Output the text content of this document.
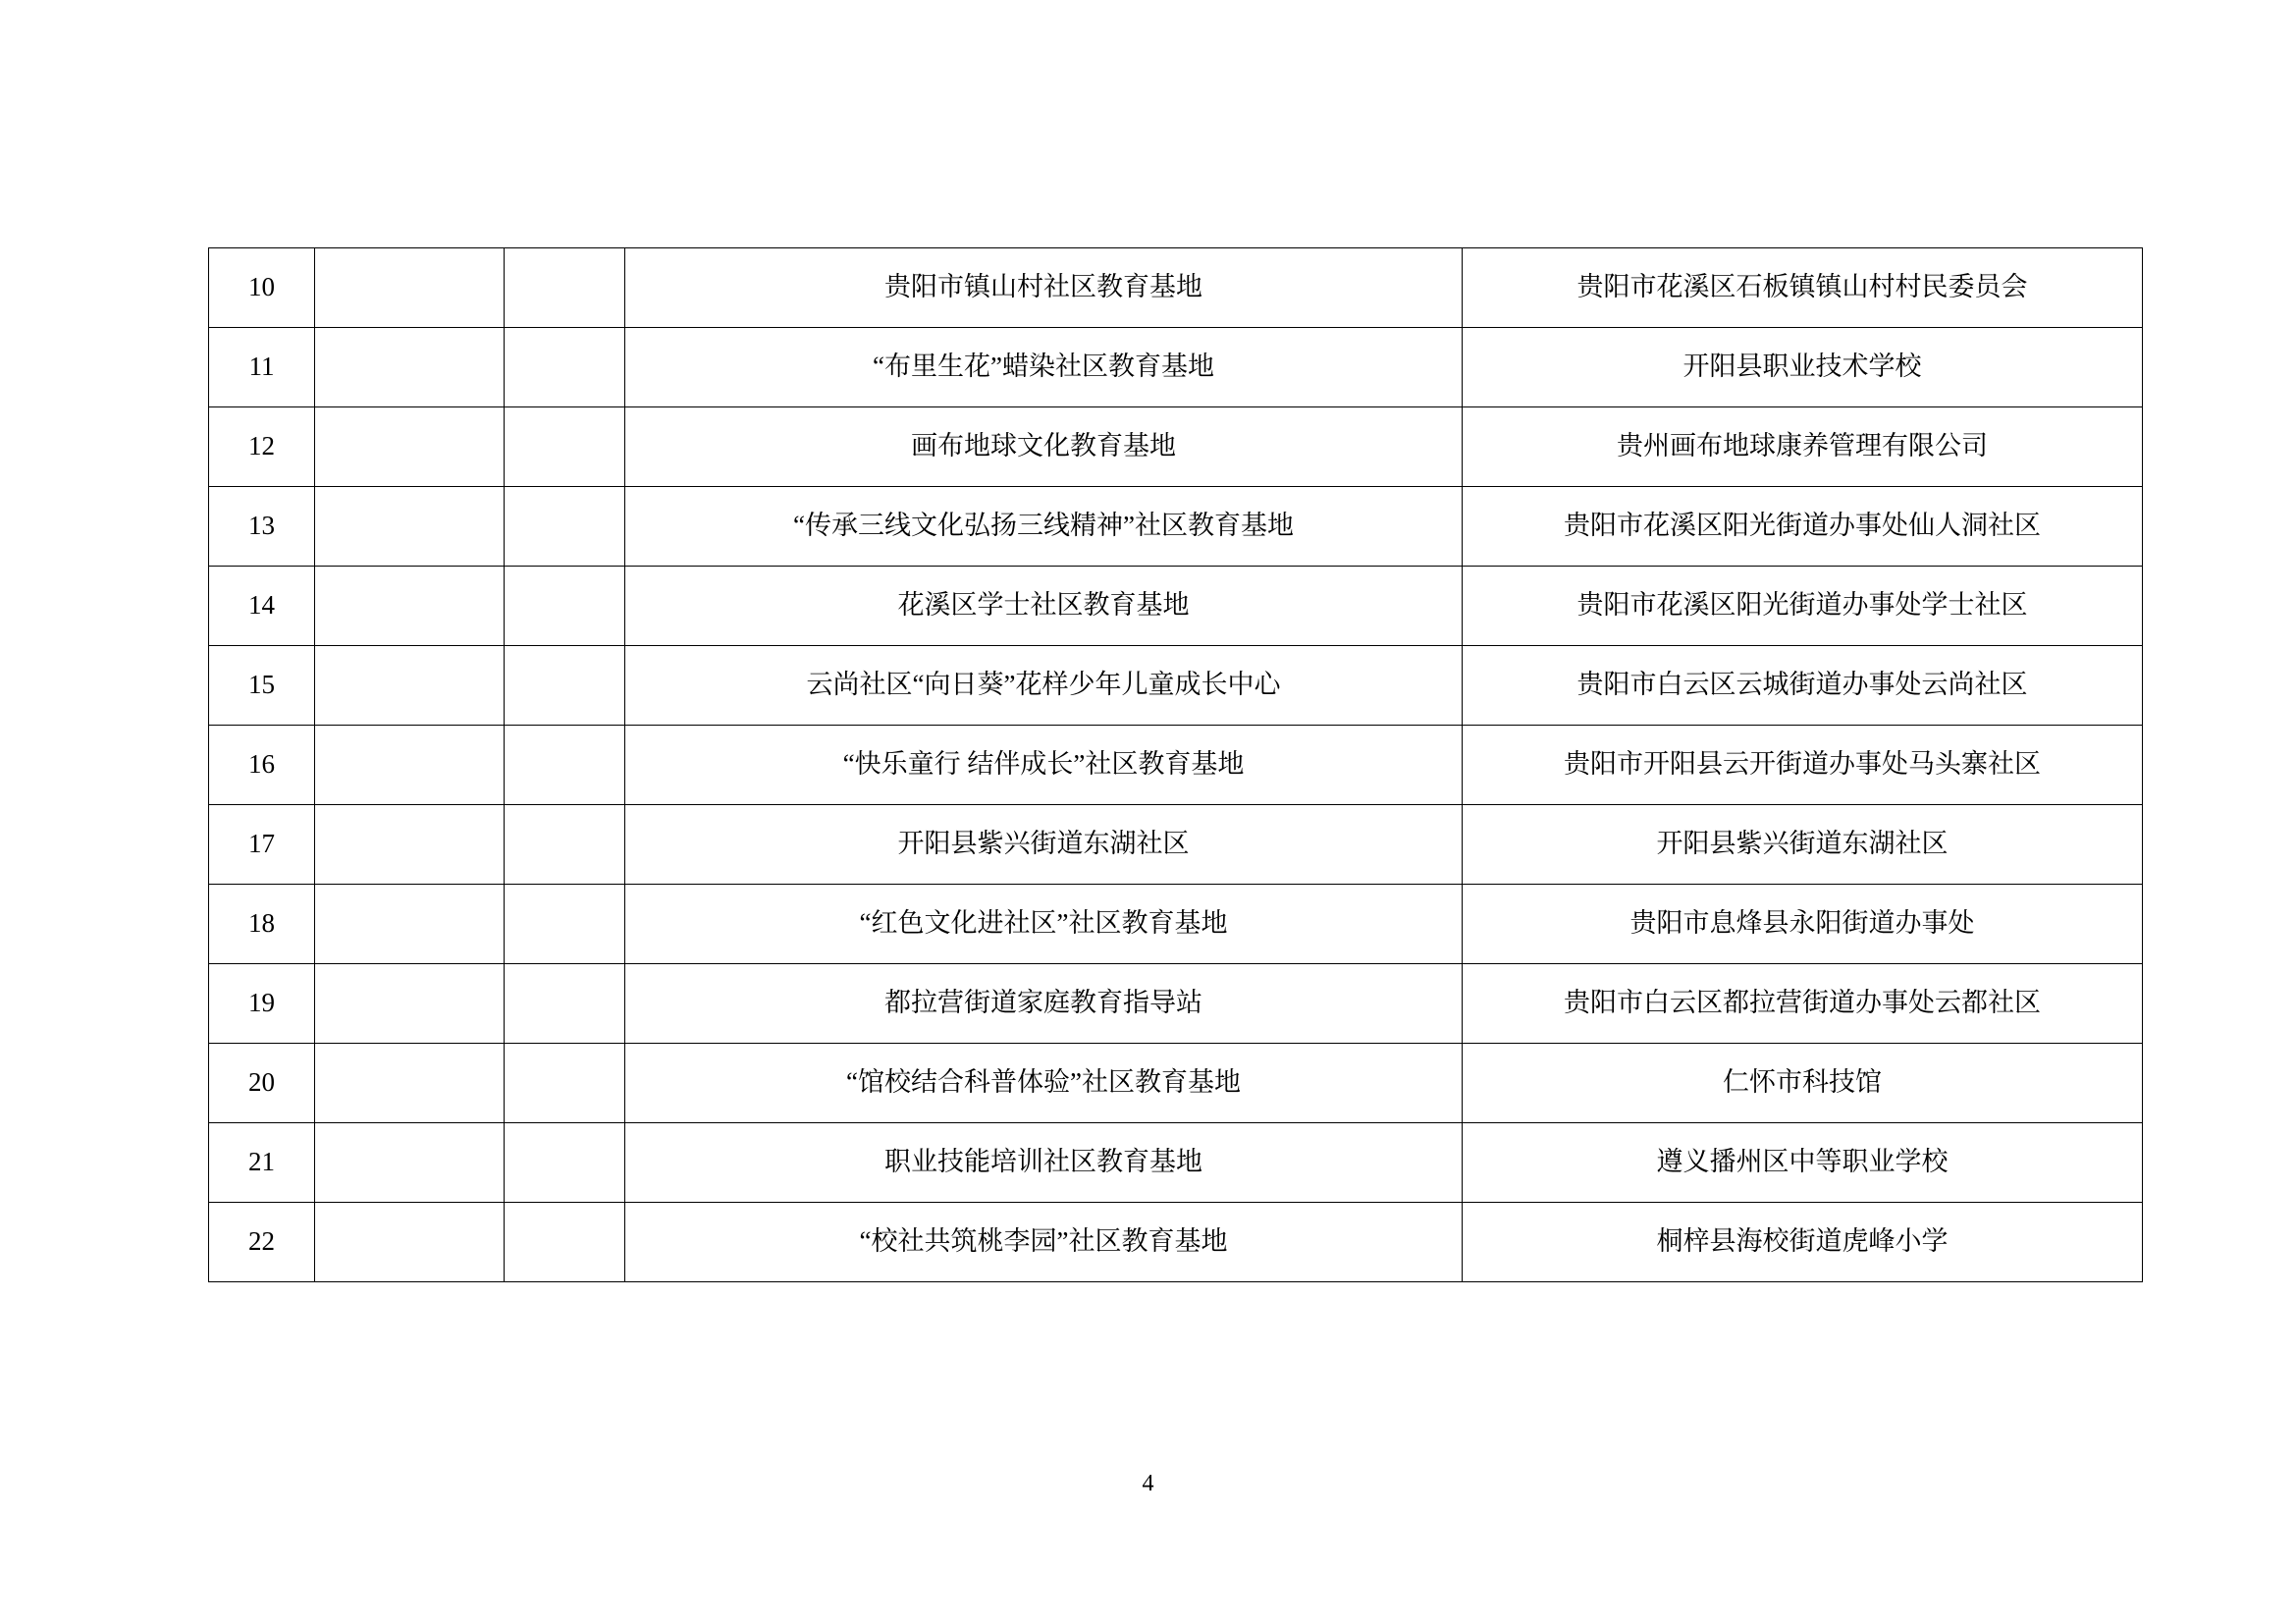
10			贵阳市镇山村社区教育基地	贵阳市花溪区石板镇镇山村村民委员会
11			“布里生花”蜡染社区教育基地	开阳县职业技术学校
12			画布地球文化教育基地	贵州画布地球康养管理有限公司
13			“传承三线文化弘扬三线精神”社区教育基地	贵阳市花溪区阳光街道办事处仙人洞社区
14			花溪区学士社区教育基地	贵阳市花溪区阳光街道办事处学士社区
15			云尚社区“向日葵”花样少年儿童成长中心	贵阳市白云区云城街道办事处云尚社区
16			“快乐童行 结伴成长”社区教育基地	贵阳市开阳县云开街道办事处马头寨社区
17			开阳县紫兴街道东湖社区	开阳县紫兴街道东湖社区
18			“红色文化进社区”社区教育基地	贵阳市息烽县永阳街道办事处
19			都拉营街道家庭教育指导站	贵阳市白云区都拉营街道办事处云都社区
20			“馆校结合科普体验”社区教育基地	仁怀市科技馆
21			职业技能培训社区教育基地	遵义播州区中等职业学校
22			“校社共筑桃李园”社区教育基地	桐梓县海校街道虎峰小学
4
